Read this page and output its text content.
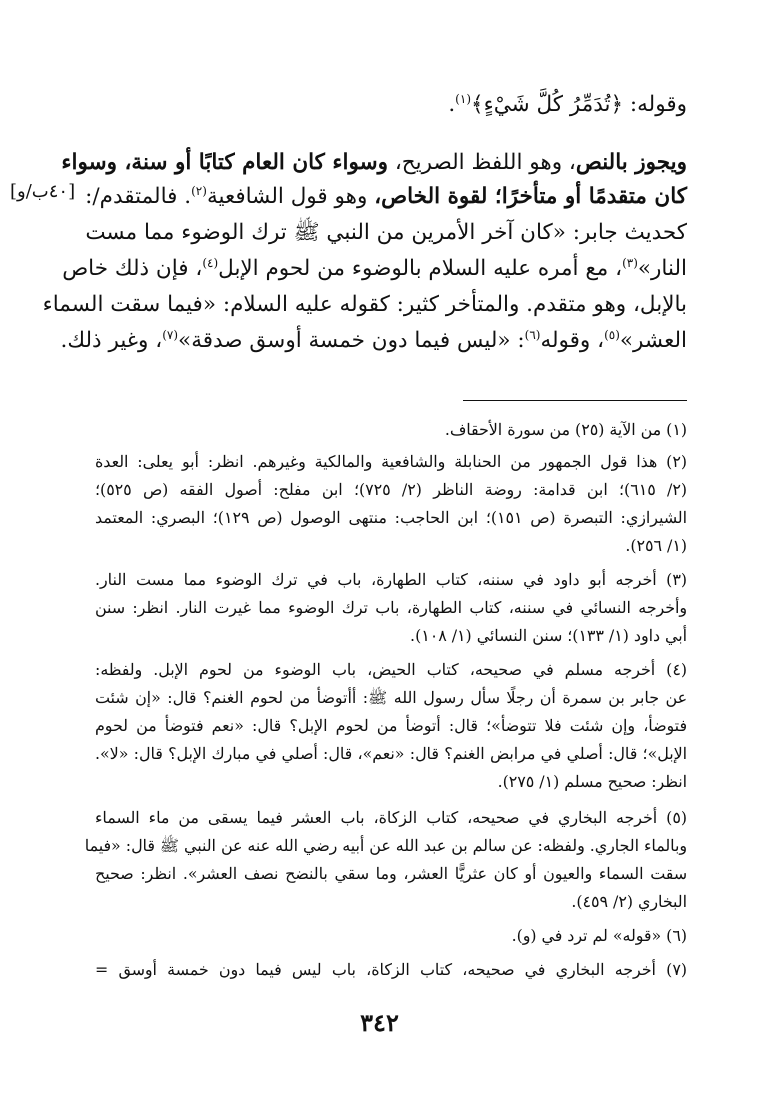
[٤٠ب/و]
وقوله: ﴿تُدَمِّرُ كُلَّ شَيْءٍ﴾$^{(١)}$.
ويجوز بالنص، وهو اللفظ الصريح، وسواء كان العام كتابًا أو سنة، وسواء
كان متقدمًا أو متأخرًا؛ لقوة الخاص، وهو قول الشافعية$^{(٢)}$. فالمتقدم/:
كحديث جابر: «كان آخر الأمرين من النبي ﷺ ترك الوضوء مما مست
النار»$^{(٣)}$، مع أمره عليه السلام بالوضوء من لحوم الإبل$^{(٤)}$، فإن ذلك خاص
بالإبل، وهو متقدم. والمتأخر كثير: كقوله عليه السلام: «فيما سقت السماء
العشر»$^{(٥)}$، وقوله$^{(٦)}$: «ليس فيما دون خمسة أوسق صدقة»$^{(٧)}$، وغير ذلك.
(١) من الآية (٢٥) من سورة الأحقاف.
(٢) هذا قول الجمهور من الحنابلة والشافعية والمالكية وغيرهم. انظر: أبو يعلى: العدة
(٢/ ٦١٥)؛ ابن قدامة: روضة الناظر (٢/ ٧٢٥)؛ ابن مفلح: أصول الفقه (ص ٥٢٥)؛
الشيرازي: التبصرة (ص ١٥١)؛ ابن الحاجب: منتهى الوصول (ص ١٢٩)؛ البصري: المعتمد
(١/ ٢٥٦).
(٣) أخرجه أبو داود في سننه، كتاب الطهارة، باب في ترك الوضوء مما مست النار.
وأخرجه النسائي في سننه، كتاب الطهارة، باب ترك الوضوء مما غيرت النار. انظر: سنن
أبي داود (١/ ١٣٣)؛ سنن النسائي (١/ ١٠٨).
(٤) أخرجه مسلم في صحيحه، كتاب الحيض، باب الوضوء من لحوم الإبل. ولفظه:
عن جابر بن سمرة أن رجلًا سأل رسول الله ﷺ: أأتوضأ من لحوم الغنم؟ قال: «إن شئت
فتوضأ، وإن شئت فلا تتوضأ»؛ قال: أتوضأ من لحوم الإبل؟ قال: «نعم فتوضأ من لحوم
الإبل»؛ قال: أصلي في مرابض الغنم؟ قال: «نعم»، قال: أصلي في مبارك الإبل؟ قال: «لا».
انظر: صحيح مسلم (١/ ٢٧٥).
(٥) أخرجه البخاري في صحيحه، كتاب الزكاة، باب العشر فيما يسقى من ماء السماء
وبالماء الجاري. ولفظه: عن سالم بن عبد الله عن أبيه رضي الله عنه عن النبي ﷺ قال: «فيما
سقت السماء والعيون أو كان عثريًّا العشر، وما سقي بالنضح نصف العشر». انظر: صحيح
البخاري (٢/ ٤٥٩).
(٦) «قوله» لم ترد في (و).
(٧) أخرجه البخاري في صحيحه، كتاب الزكاة، باب ليس فيما دون خمسة أوسق =
٣٤٢
